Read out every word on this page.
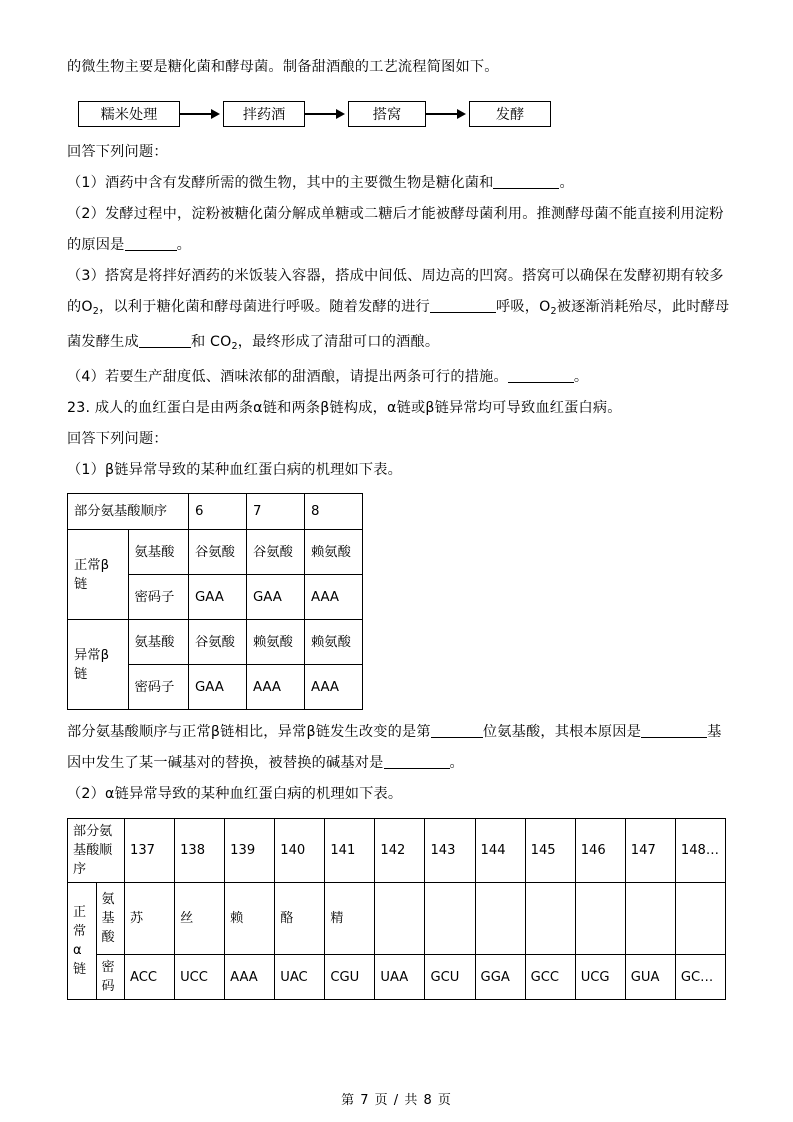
的微生物主要是糖化菌和酵母菌。制备甜酒酿的工艺流程简图如下。

糯米处理	拌药酒	搭窝	发酵

回答下列问题：

（1）酒药中含有发酵所需的微生物，其中的主要微生物是糖化菌和	。

（2）发酵过程中，淀粉被糖化菌分解成单糖或二糖后才能被酵母菌利用。推测酵母菌不能直接利用淀粉的原因是	。

（3）搭窝是将拌好酒药的米饭装入容器，搭成中间低、周边高的凹窝。搭窝可以确保在发酵初期有较多的$O_2$，以利于糖化菌和酵母菌进行呼吸。随着发酵的进行	呼吸，$O_2$被逐渐消耗殆尽，此时酵母菌发酵生成	和 $CO_2$，最终形成了清甜可口的酒酿。

（4）若要生产甜度低、酒味浓郁的甜酒酿，请提出两条可行的措施。	。

23. 成人的血红蛋白是由两条α链和两条β链构成，α链或β链异常均可导致血红蛋白病。

回答下列问题：

（1）β链异常导致的某种血红蛋白病的机理如下表。

部分氨基酸顺序		6	7	8
正常β链	氨基酸	谷氨酸	谷氨酸	赖氨酸
	密码子	GAA	GAA	AAA
异常β链	氨基酸	谷氨酸	赖氨酸	赖氨酸
	密码子	GAA	AAA	AAA

部分氨基酸顺序与正常β链相比，异常β链发生改变的是第	位氨基酸，其根本原因是	基因中发生了某一碱基对的替换，被替换的碱基对是	。

（2）α链异常导致的某种血红蛋白病的机理如下表。

部分氨基酸顺序		137	138	139	140	141	142	143	144	145	146	147	148…
正常α链	氨基酸	苏	丝	赖	酪	精							
	密码	ACC	UCC	AAA	UAC	CGU	UAA	GCU	GGA	GCC	UCG	GUA	GC…
第 7 页 / 共 8 页
